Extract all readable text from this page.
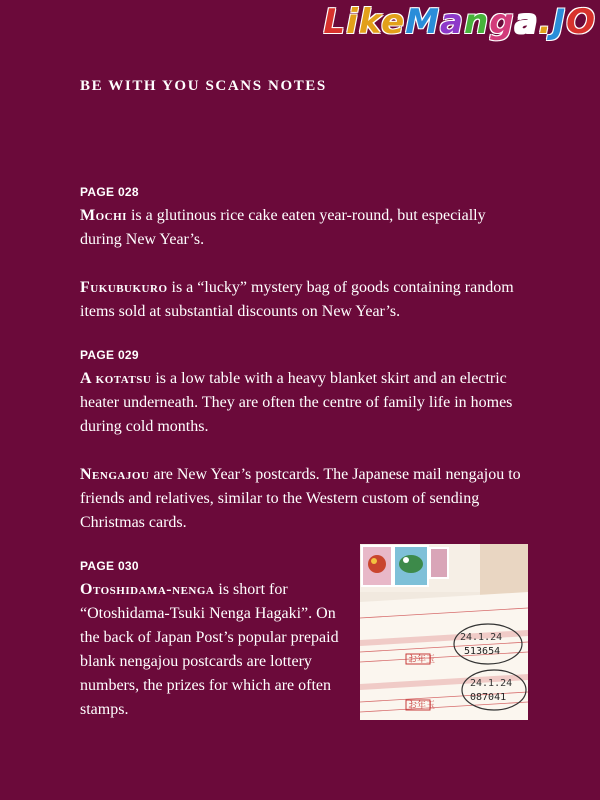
LikeManga.JO
BE WITH YOU SCANS NOTES
PAGE 028

Mochi is a glutinous rice cake eaten year-round, but especially during New Year’s.

Fukubukuro is a “lucky” mystery bag of goods containing random items sold at substantial discounts on New Year’s.

PAGE 029

A kotatsu is a low table with a heavy blanket skirt and an electric heater underneath. They are often the centre of family life in homes during cold months.

Nengajou are New Year’s postcards. The Japanese mail nengajou to friends and relatives, similar to the Western custom of sending Christmas cards.

PAGE 030

Otoshidama-nenga is short for “Otoshidama-Tsuki Nenga Hagaki”. On the back of Japan Post’s popular prepaid blank nengajou postcards are lottery numbers, the prizes for which are often stamps.

お年玉
お年玉
24.1.24
513654
24.1.24
087041
